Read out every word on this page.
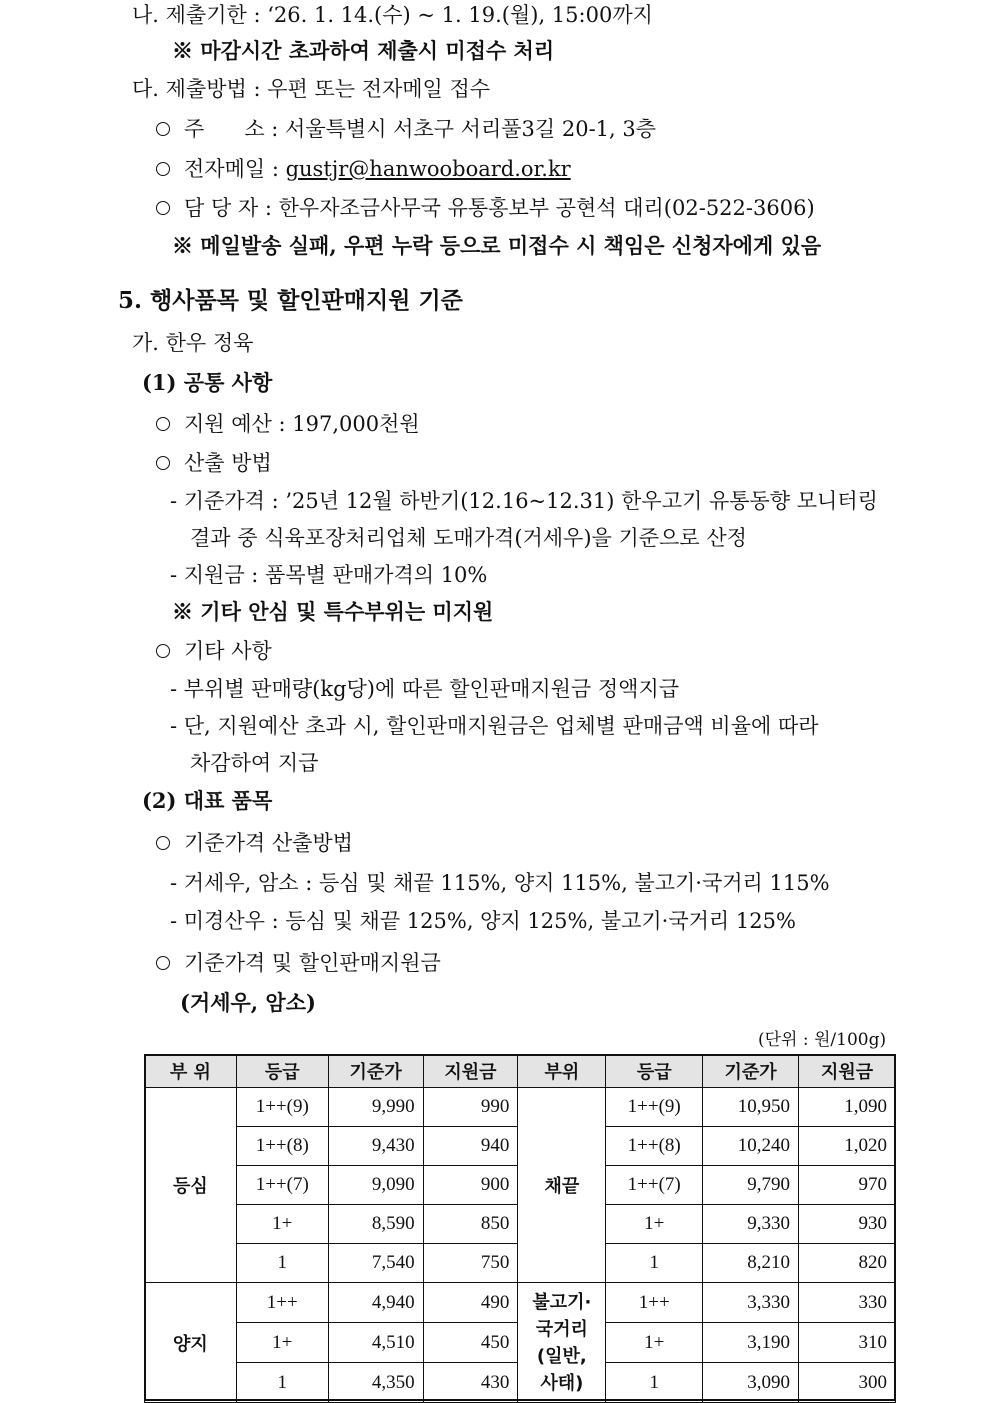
나. 제출기한 : ‘26. 1. 14.(수) ~ 1. 19.(월), 15:00까지
※ 마감시간 초과하여 제출시 미접수 처리
다. 제출방법 : 우편 또는 전자메일 접수
주      소 : 서울특별시 서초구 서리풀3길 20-1, 3층
전자메일 : gustjr@hanwooboard.or.kr
담 당 자 : 한우자조금사무국 유통홍보부 공현석 대리(02-522-3606)
※ 메일발송 실패, 우편 누락 등으로 미접수 시 책임은 신청자에게 있음
5. 행사품목 및 할인판매지원 기준
가. 한우 정육
(1) 공통 사항
지원 예산 : 197,000천원
산출 방법
- 기준가격 : ’25년 12월 하반기(12.16~12.31) 한우고기 유통동향 모니터링
결과 중 식육포장처리업체 도매가격(거세우)을 기준으로 산정
- 지원금 : 품목별 판매가격의 10%
※ 기타 안심 및 특수부위는 미지원
기타 사항
- 부위별 판매량(kg당)에 따른 할인판매지원금 정액지급
- 단, 지원예산 초과 시, 할인판매지원금은 업체별 판매금액 비율에 따라
차감하여 지급
(2) 대표 품목
기준가격 산출방법
- 거세우, 암소 : 등심 및 채끝 115%, 양지 115%, 불고기·국거리 115%
- 미경산우 : 등심 및 채끝 125%, 양지 125%, 불고기·국거리 125%
기준가격 및 할인판매지원금
(거세우, 암소)
(단위 : 원/100g)
부 위	등급	기준가	지원금	부위	등급	기준가	지원금
등심	1++(9)	9,990	990	채끝	1++(9)	10,950	1,090
	1++(8)	9,430	940		1++(8)	10,240	1,020
	1++(7)	9,090	900		1++(7)	9,790	970
	1+	8,590	850		1+	9,330	930
	1	7,540	750		1	8,210	820
양지	1++	4,940	490	불고기· 국거리 (일반, 사태)	1++	3,330	330
	1+	4,510	450		1+	3,190	310
	1	4,350	430		1	3,090	300
